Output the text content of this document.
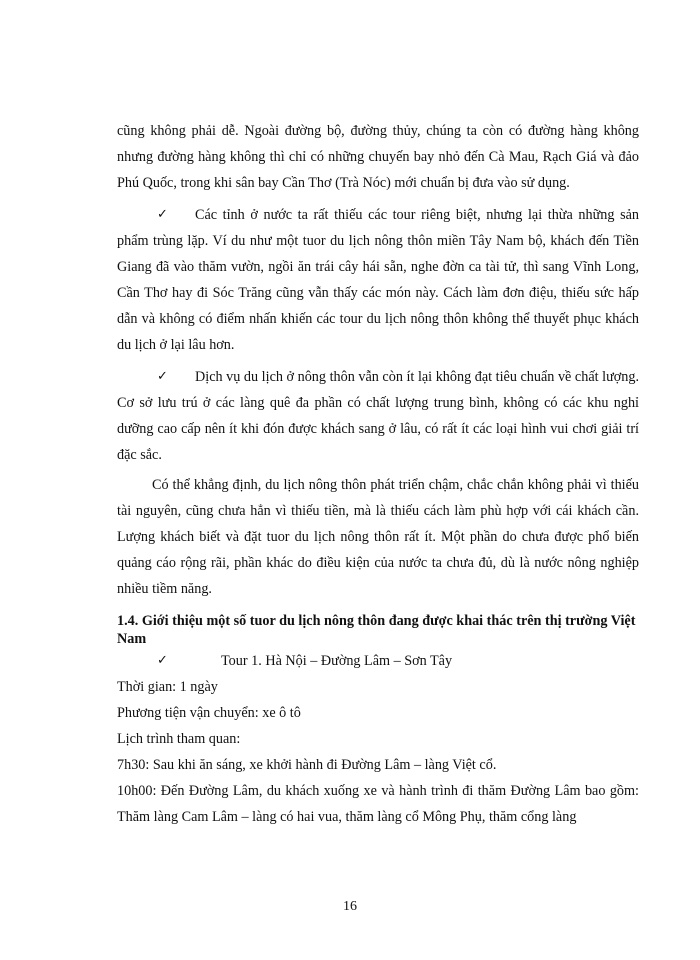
cũng không phải dễ. Ngoài đường bộ, đường thủy, chúng ta còn có đường hàng không nhưng đường hàng không thì chỉ có những chuyến bay nhỏ đến Cà Mau, Rạch Giá và đảo Phú Quốc, trong khi sân bay Cần Thơ (Trà Nóc) mới chuẩn bị đưa vào sử dụng.

✓ Các tỉnh ở nước ta rất thiếu các tour riêng biệt, nhưng lại thừa những sản phẩm trùng lặp. Ví du như một tuor du lịch nông thôn miền Tây Nam bộ, khách đến Tiền Giang đã vào thăm vườn, ngồi ăn trái cây hái sẵn, nghe đờn ca tài tử, thì sang Vĩnh Long, Cần Thơ hay đi Sóc Trăng cũng vẫn thấy các món này. Cách làm đơn điệu, thiếu sức hấp dẫn và không có điểm nhấn khiến các tour du lịch nông thôn không thể thuyết phục khách du lịch ở lại lâu hơn.

✓ Dịch vụ du lịch ở nông thôn vẫn còn ít lại không đạt tiêu chuẩn về chất lượng. Cơ sở lưu trú ở các làng quê đa phần có chất lượng trung bình, không có các khu nghỉ dưỡng cao cấp nên ít khi đón được khách sang ở lâu, có rất ít các loại hình vui chơi giải trí đặc sắc.

Có thể khẳng định, du lịch nông thôn phát triển chậm, chắc chắn không phải vì thiếu tài nguyên, cũng chưa hẳn vì thiếu tiền, mà là thiếu cách làm phù hợp với cái khách cần. Lượng khách biết và đặt tuor du lịch nông thôn rất ít. Một phần do chưa được phổ biến quảng cáo rộng rãi, phần khác do điều kiện của nước ta chưa đủ, dù là nước nông nghiệp nhiều tiềm năng.

1.4. Giới thiệu một số tuor du lịch nông thôn đang được khai thác trên thị trường Việt Nam

✓	Tour 1. Hà Nội – Đường Lâm – Sơn Tây

Thời gian: 1 ngày

Phương tiện vận chuyển: xe ô tô

Lịch trình tham quan:

7h30: Sau khi ăn sáng, xe khởi hành đi Đường Lâm – làng Việt cổ.

10h00: Đến Đường Lâm, du khách xuống xe và hành trình đi thăm Đường Lâm bao gồm: Thăm làng Cam Lâm – làng có hai vua, thăm làng cổ Mông Phụ, thăm cổng làng

16
